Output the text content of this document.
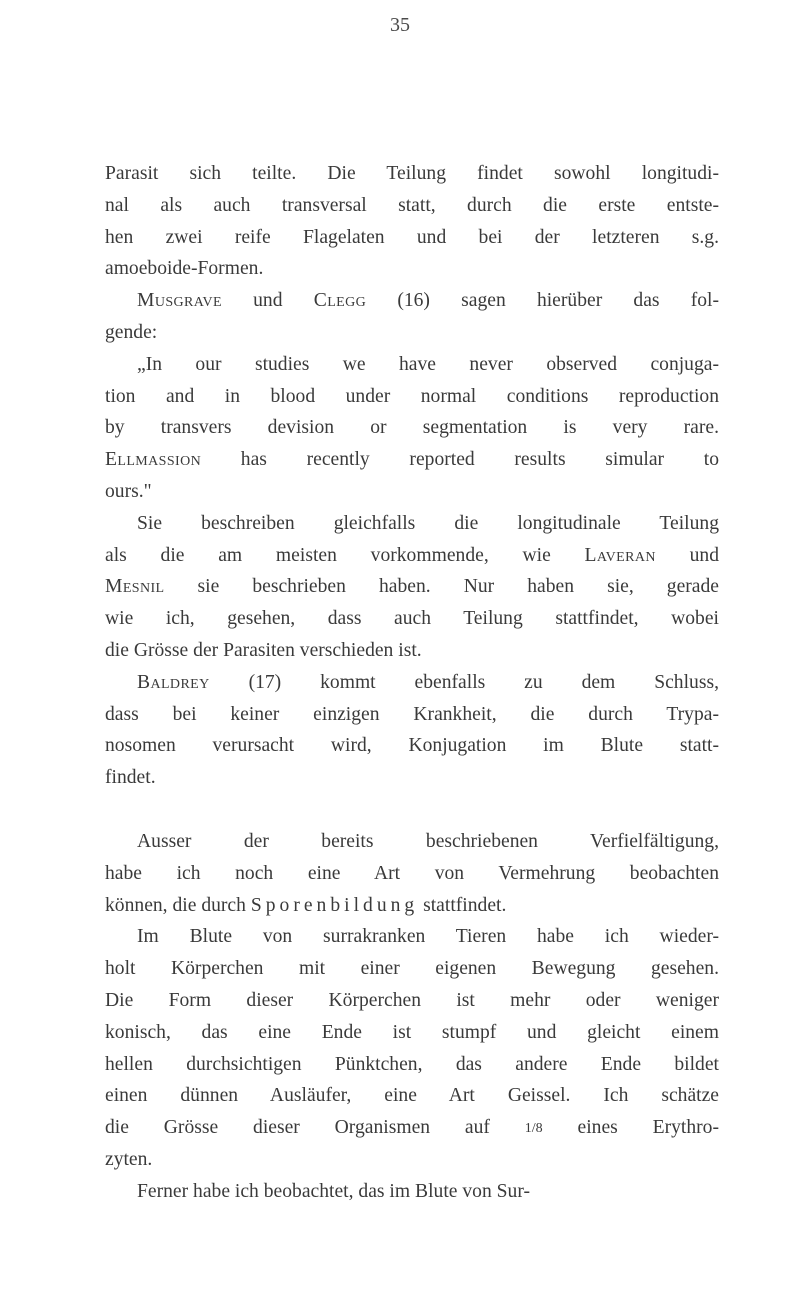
35
Parasit sich teilte. Die Teilung findet sowohl longitudi-
nal als auch transversal statt, durch die erste entste-
hen zwei reife Flagelaten und bei der letzteren s.g.
amoeboide-Formen.
Musgrave und Clegg (16) sagen hierüber das fol-
gende:
„In our studies we have never observed conjuga-
tion and in blood under normal conditions reproduction
by transvers devision or segmentation is very rare.
Ellmassion has recently reported results simular to
ours."
Sie beschreiben gleichfalls die longitudinale Teilung
als die am meisten vorkommende, wie Laveran und
Mesnil sie beschrieben haben. Nur haben sie, gerade
wie ich, gesehen, dass auch Teilung stattfindet, wobei
die Grösse der Parasiten verschieden ist.
Baldrey (17) kommt ebenfalls zu dem Schluss,
dass bei keiner einzigen Krankheit, die durch Trypa-
nosomen verursacht wird, Konjugation im Blute statt-
findet.
Ausser der bereits beschriebenen Verfielfältigung,
habe ich noch eine Art von Vermehrung beobachten
können, die durch Sporenbildung stattfindet.
Im Blute von surrakranken Tieren habe ich wieder-
holt Körperchen mit einer eigenen Bewegung gesehen.
Die Form dieser Körperchen ist mehr oder weniger
konisch, das eine Ende ist stumpf und gleicht einem
hellen durchsichtigen Pünktchen, das andere Ende bildet
einen dünnen Ausläufer, eine Art Geissel. Ich schätze
die Grösse dieser Organismen auf 1/8 eines Erythro-
zyten.
Ferner habe ich beobachtet, das im Blute von Sur-
